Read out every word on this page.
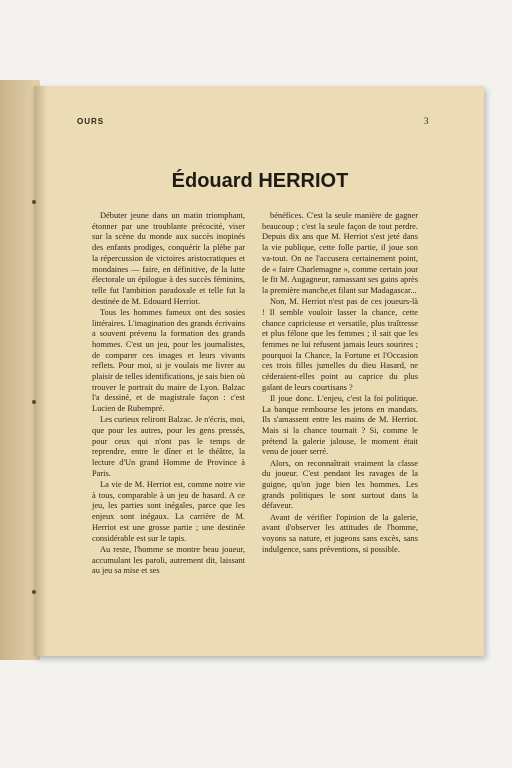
OURS	3
Édouard HERRIOT

Débuter jeune dans un matin triomphant, étonner par une troublante précocité, viser sur la scène du monde aux succès inopinés des enfants prodiges, conquérir la plèbe par la répercussion de victoires aristocratiques et mondaines — faire, en définitive, de la lutte électorale un épilogue à des succès féminins, telle fut l'ambition paradoxale et telle fut la destinée de M. Edouard Herriot.

Tous les hommes fameux ont des sosies littéraires. L'imagination des grands écrivains a souvent prévenu la formation des grands hommes. C'est un jeu, pour les journalistes, de comparer ces images et leurs vivants reflets. Pour moi, si je voulais me livrer au plaisir de telles identifications, je sais bien où trouver le portrait du maire de Lyon. Balzac l'a dessiné, et de magistrale façon : c'est Lucien de Rubempré.

Les curieux reliront Balzac. Je n'écris, moi, que pour les autres, pour les gens pressés, pour ceux qui n'ont pas le temps de reprendre, entre le dîner et le théâtre, la lecture d'Un grand Homme de Province à Paris.

La vie de M. Herriot est, comme notre vie à tous, comparable à un jeu de hasard. A ce jeu, les parties sont inégales, parce que les enjeux sont inégaux. La carrière de M. Herriot est une grosse partie ; une destinée considérable est sur le tapis.

Au reste, l'homme se montre beau joueur, accumulant les paroli, autrement dit, laissant au jeu sa mise et ses

bénéfices. C'est la seule manière de gagner beaucoup ; c'est la seule façon de tout perdre. Depuis dix ans que M. Herriot s'est jeté dans la vie publique, cette folle partie, il joue son va-tout. On ne l'accusera certainement point, de « faire Charlemagne », comme certain jour le fit M. Augagneur, ramassant ses gains après la première manche,et filant sur Madagascar...

Non, M. Herriot n'est pas de ces joueurs-là ! Il semble vouloir lasser la chance, cette chance capricieuse et versatile, plus traîtresse et plus félone que les femmes ; il sait que les femmes ne lui refusent jamais leurs sourires ; pourquoi la Chance, la Fortune et l'Occasion ces trois filles jumelles du dieu Hasard, ne céderaient-elles point au caprice du plus galant de leurs courtisans ?

Il joue donc. L'enjeu, c'est la foi politique. La banque rembourse les jetons en mandats. Ils s'amassent entre les mains de M. Herriot. Mais si la chance tournait ? Si, comme le prétend la galerie jalouse, le moment était venu de jouer serré.

Alors, on reconnaîtrait vraiment la classe du joueur. C'est pendant les ravages de la guigne, qu'on juge bien les hommes. Les grands politiques le sont surtout dans la défaveur.

Avant de vérifier l'opinion de la galerie, avant d'observer les attitudes de l'homme, voyons sa nature, et jugeons sans excès, sans indulgence, sans préventions, si possible.
